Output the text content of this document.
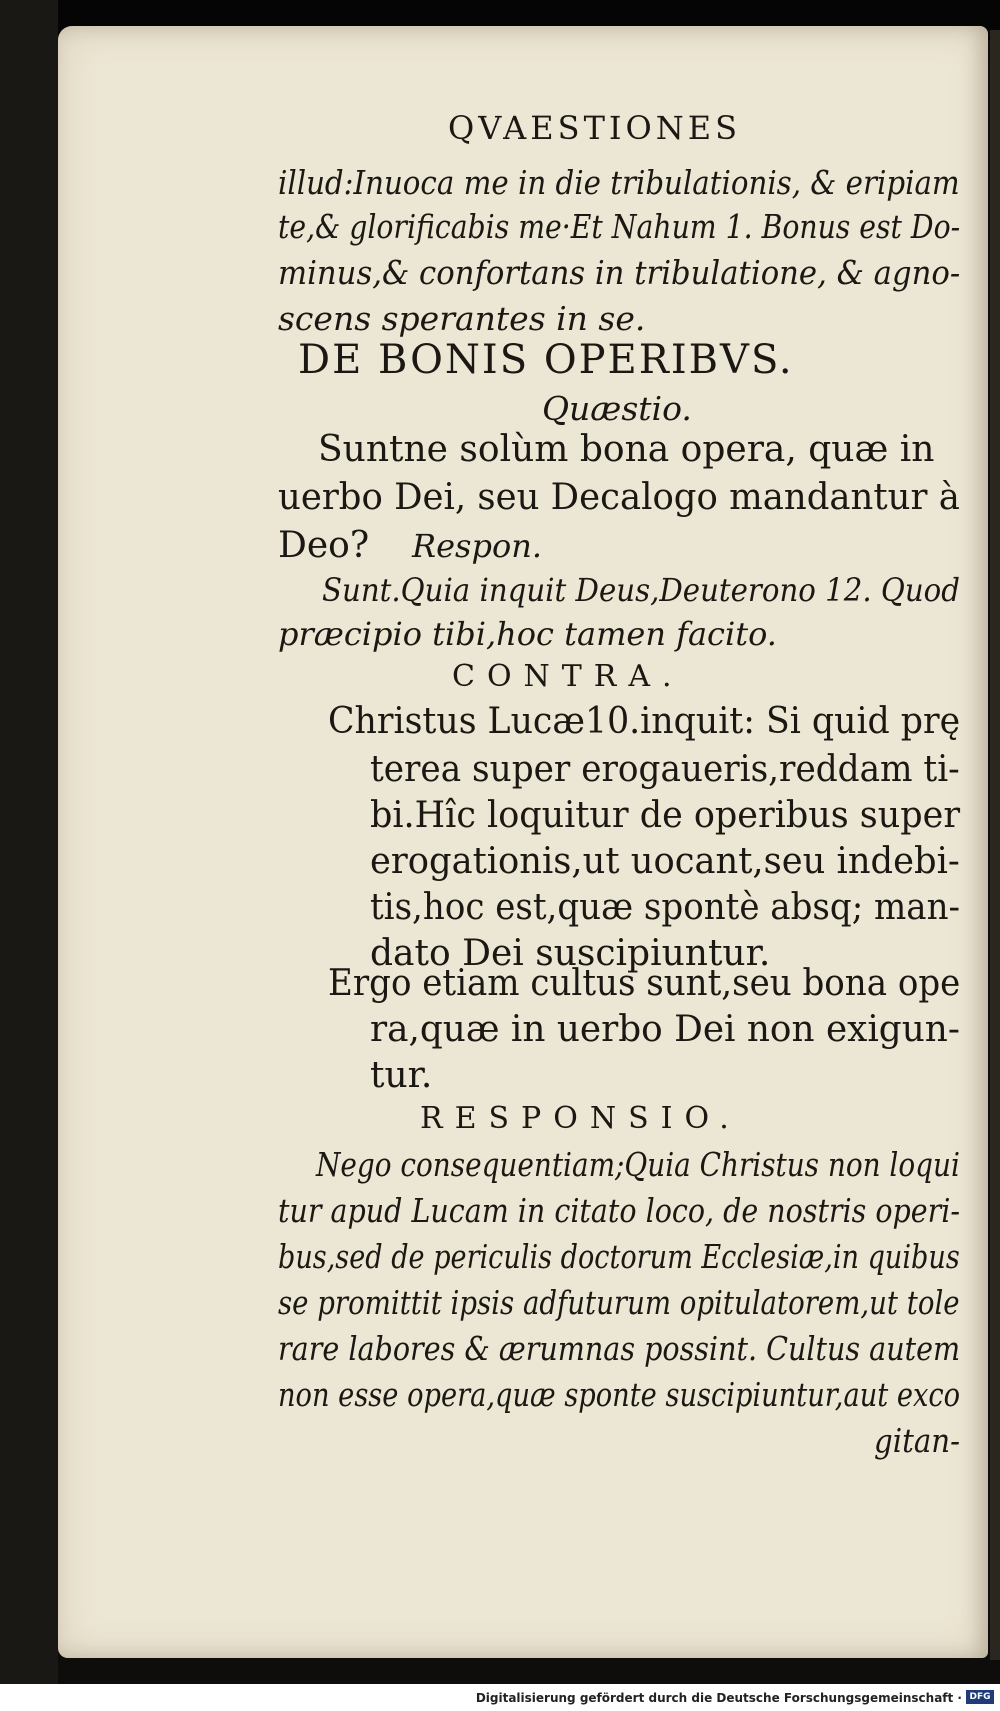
QVAESTIONES
illud:Inuoca me in die tribulationis, & eripiam
te,& glorificabis me·Et Nahum 1. Bonus est Do-
minus,& confortans in tribulatione, & agno-
scens sperantes in se.
DE BONIS OPERIBVS.
Quæstio.
Suntne solùm bona opera, quæ in
uerbo Dei, seu Decalogo mandantur à
Deo? Respon.
Sunt.Quia inquit Deus,Deuterono 12. Quod
præcipio tibi,hoc tamen facito.
CONTRA.
Christus Lucæ10.inquit: Si quid prę
terea super erogaueris,reddam ti-
bi.Hîc loquitur de operibus super
erogationis,ut uocant,seu indebi-
tis,hoc est,quæ spontè absq; man-
dato Dei suscipiuntur.
Ergo etiam cultus sunt,seu bona ope
ra,quæ in uerbo Dei non exigun-
tur.
RESPONSIO.
Nego consequentiam;Quia Christus non loqui
tur apud Lucam in citato loco, de nostris operi-
bus,sed de periculis doctorum Ecclesiæ,in quibus
se promittit ipsis adfuturum opitulatorem,ut tole
rare labores & ærumnas possint. Cultus autem
non esse opera,quæ sponte suscipiuntur,aut exco
gitan-
Digitalisierung gefördert durch die Deutsche Forschungsgemeinschaft · DFG
